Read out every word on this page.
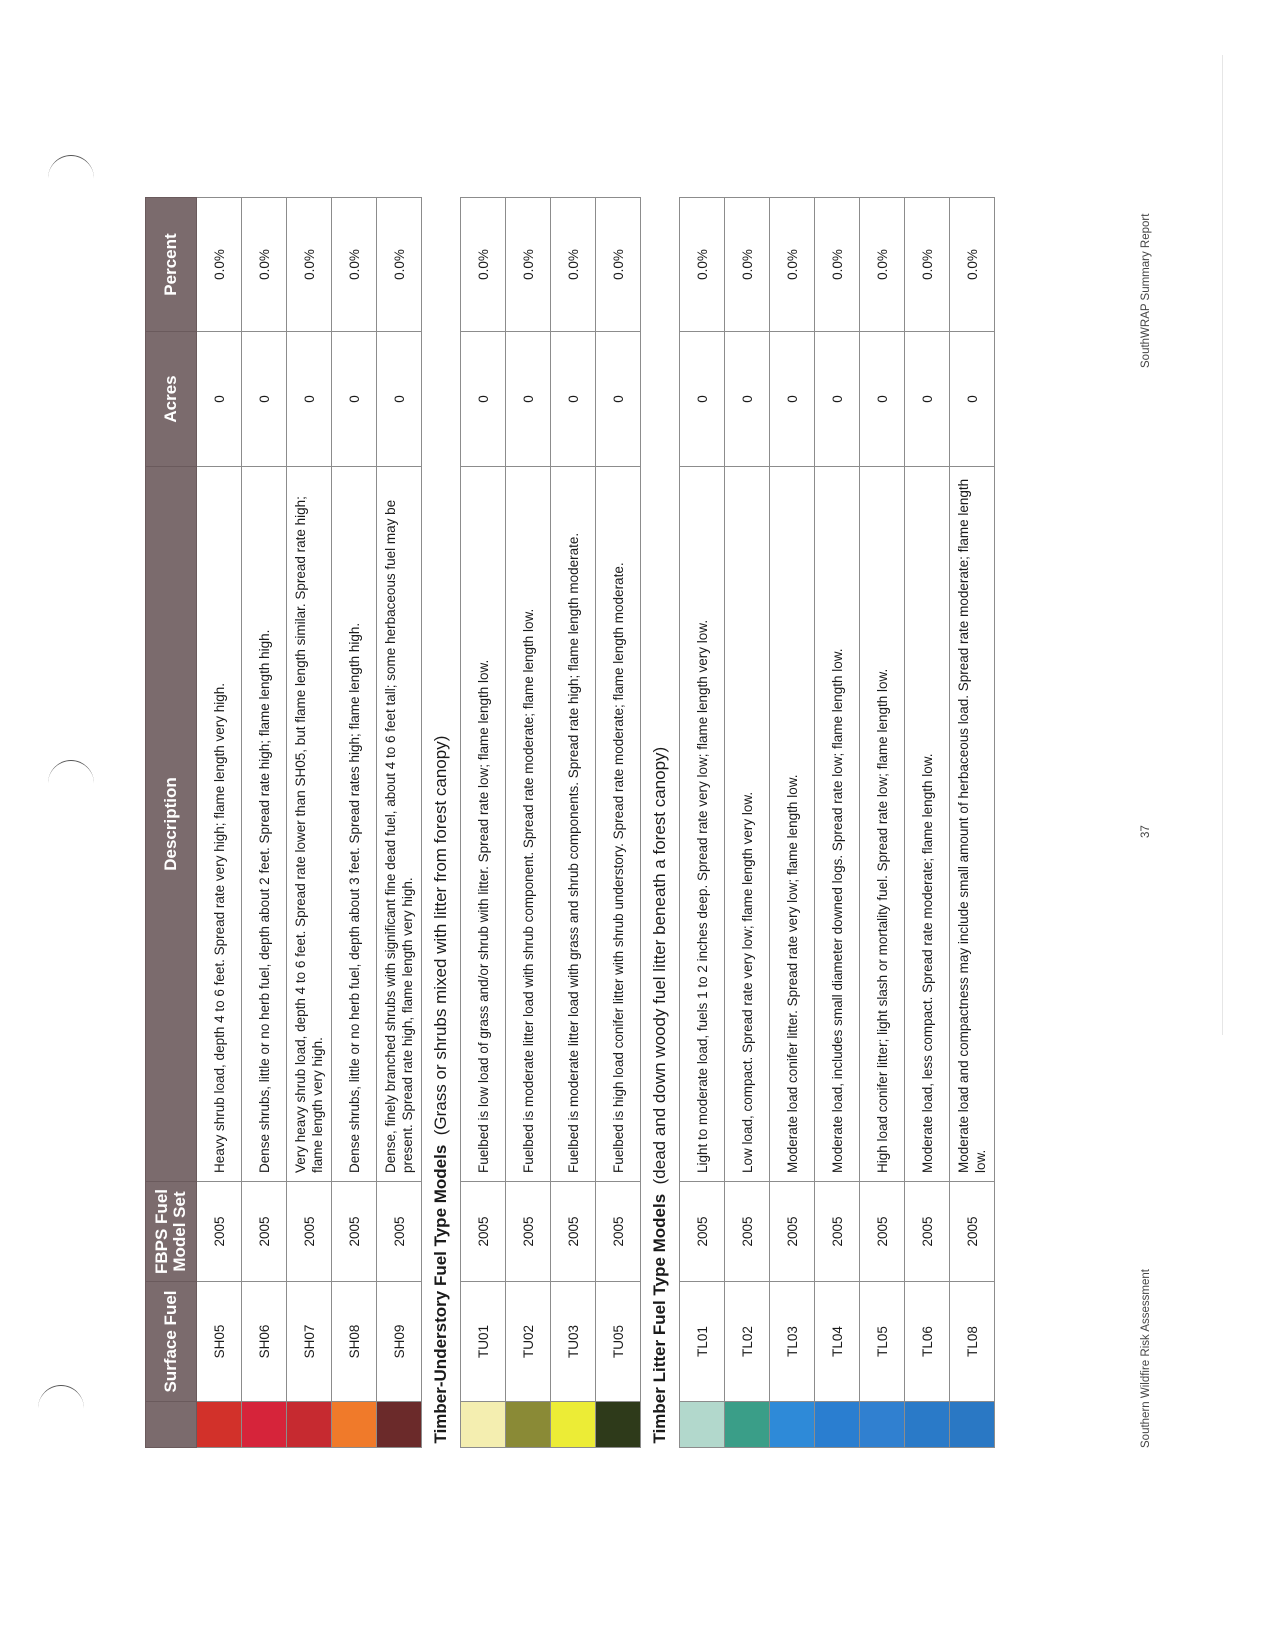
	Surface Fuel	FBPS Fuel Model Set	Description	Acres	Percent
	SH05	2005	Heavy shrub load, depth 4 to 6 feet. Spread rate very high; flame length very high.	0	0.0%
	SH06	2005	Dense shrubs, little or no herb fuel, depth about 2 feet. Spread rate high; flame length high.	0	0.0%
	SH07	2005	Very heavy shrub load, depth 4 to 6 feet. Spread rate lower than SH05, but flame length similar. Spread rate high; flame length very high.	0	0.0%
	SH08	2005	Dense shrubs, little or no herb fuel, depth about 3 feet. Spread rates high; flame length high.	0	0.0%
	SH09	2005	Dense, finely branched shrubs with significant fine dead fuel, about 4 to 6 feet tall; some herbaceous fuel may be present. Spread rate high, flame length very high.	0	0.0%
Timber-Understory Fuel Type Models  (Grass or shrubs mixed with litter from forest canopy)					
	TU01	2005	Fuelbed is low load of grass and/or shrub with litter. Spread rate low; flame length low.	0	0.0%
	TU02	2005	Fuelbed is moderate litter load with shrub component. Spread rate moderate; flame length low.	0	0.0%
	TU03	2005	Fuelbed is moderate litter load with grass and shrub components. Spread rate high; flame length moderate.	0	0.0%
	TU05	2005	Fuelbed is high load conifer litter with shrub understory. Spread rate moderate; flame length moderate.	0	0.0%
Timber Litter Fuel Type Models  (dead and down woody fuel litter beneath a forest canopy)					
	TL01	2005	Light to moderate load, fuels 1 to 2 inches deep. Spread rate very low; flame length very low.	0	0.0%
	TL02	2005	Low load, compact. Spread rate very low; flame length very low.	0	0.0%
	TL03	2005	Moderate load conifer litter. Spread rate very low; flame length low.	0	0.0%
	TL04	2005	Moderate load, includes small diameter downed logs. Spread rate low; flame length low.	0	0.0%
	TL05	2005	High load conifer litter; light slash or mortality fuel. Spread rate low; flame length low.	0	0.0%
	TL06	2005	Moderate load, less compact. Spread rate moderate; flame length low.	0	0.0%
	TL08	2005	Moderate load and compactness may include small amount of herbaceous load. Spread rate moderate; flame length low.	0	0.0%
Southern Wildfire Risk Assessment
37
SouthWRAP Summary Report
